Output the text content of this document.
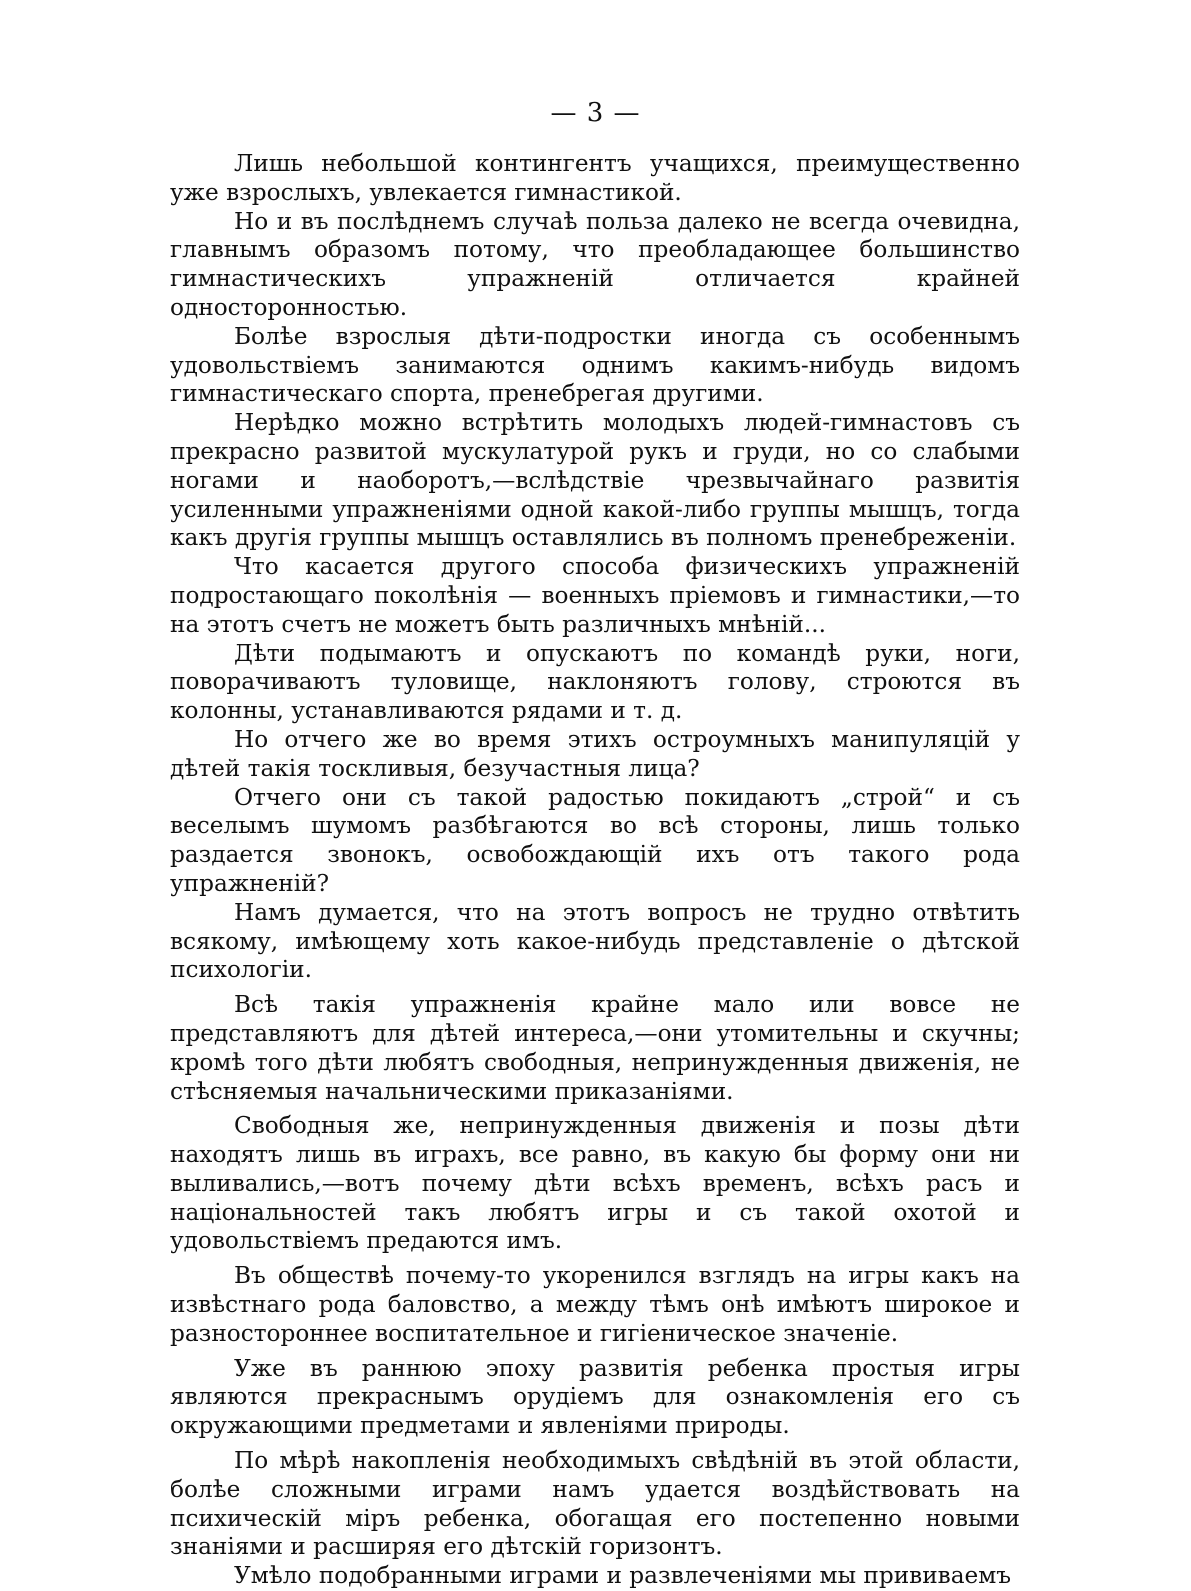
— 3 —

Лишь небольшой контингентъ учащихся, преимущественно уже взрослыхъ, увлекается гимнастикой.

Но и въ послѣднемъ случаѣ польза далеко не всегда очевидна, главнымъ образомъ потому, что преобладающее большинство гимнастическихъ упражненій отличается крайней односторонностью.

Болѣе взрослыя дѣти-подростки иногда съ особеннымъ удовольствіемъ занимаются однимъ какимъ-нибудь видомъ гимнастическаго спорта, пренебрегая другими.

Нерѣдко можно встрѣтить молодыхъ людей-гимнастовъ съ прекрасно развитой мускулатурой рукъ и груди, но со слабыми ногами и наоборотъ,—вслѣдствіе чрезвычайнаго развитія усиленными упражненіями одной какой-либо группы мышцъ, тогда какъ другія группы мышцъ оставлялись въ полномъ пренебреженіи.

Что касается другого способа физическихъ упражненій подростающаго поколѣнія — военныхъ пріемовъ и гимнастики,—то на этотъ счетъ не можетъ быть различныхъ мнѣній...

Дѣти подымаютъ и опускаютъ по командѣ руки, ноги, поворачиваютъ туловище, наклоняютъ голову, строются въ колонны, устанавливаются рядами и т. д.

Но отчего же во время этихъ остроумныхъ манипуляцій у дѣтей такія тоскливыя, безучастныя лица?

Отчего они съ такой радостью покидаютъ „строй“ и съ веселымъ шумомъ разбѣгаются во всѣ стороны, лишь только раздается звонокъ, освобождающій ихъ отъ такого рода упражненій?

Намъ думается, что на этотъ вопросъ не трудно отвѣтить всякому, имѣющему хоть какое-нибудь представленіе о дѣтской психологіи.

Всѣ такія упражненія крайне мало или вовсе не представляютъ для дѣтей интереса,—они утомительны и скучны; кромѣ того дѣти любятъ свободныя, непринужденныя движенія, не стѣсняемыя начальническими приказаніями.

Свободныя же, непринужденныя движенія и позы дѣти находятъ лишь въ играхъ, все равно, въ какую бы форму они ни выливались,—вотъ почему дѣти всѣхъ временъ, всѣхъ расъ и національностей такъ любятъ игры и съ такой охотой и удовольствіемъ предаются имъ.

Въ обществѣ почему-то укоренился взглядъ на игры какъ на извѣстнаго рода баловство, а между тѣмъ онѣ имѣютъ широкое и разностороннее воспитательное и гигіеническое значеніе.

Уже въ раннюю эпоху развитія ребенка простыя игры являются прекраснымъ орудіемъ для ознакомленія его съ окружающими предметами и явленіями природы.

По мѣрѣ накопленія необходимыхъ свѣдѣній въ этой области, болѣе сложными играми намъ удается воздѣйствовать на психическій міръ ребенка, обогащая его постепенно новыми знаніями и расширяя его дѣтскій горизонтъ.

Умѣло подобранными играми и развлеченіями мы прививаемъ
